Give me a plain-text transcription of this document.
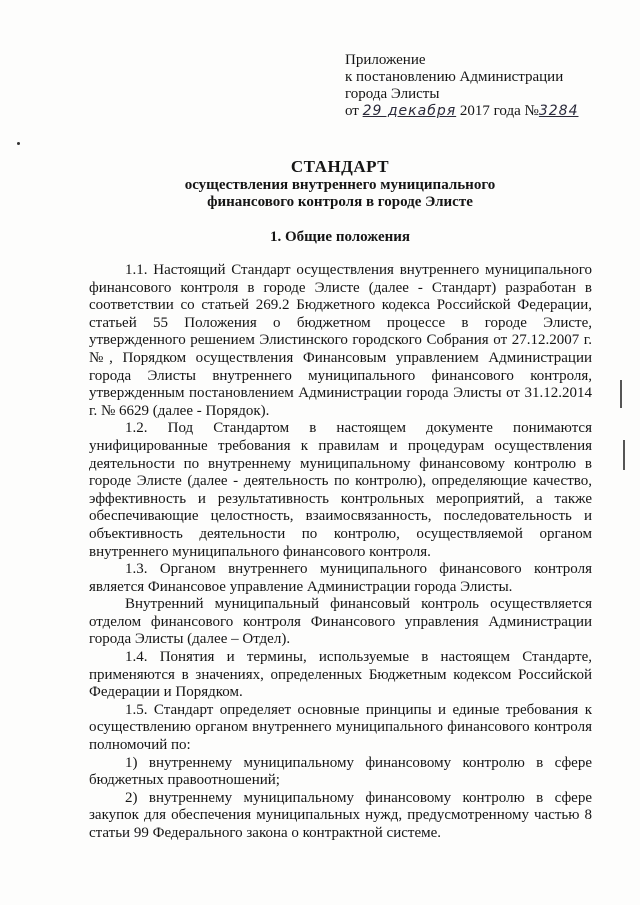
Приложение
к постановлению Администрации
города Элисты
от 29 декабря 2017 года №3284
СТАНДАРТ
осуществления внутреннего муниципального
финансового контроля в городе Элисте
1. Общие положения

1.1. Настоящий Стандарт осуществления внутреннего муниципального финансового контроля в городе Элисте (далее - Стандарт) разработан в соответствии со статьей 269.2 Бюджетного кодекса Российской Федерации, статьей 55 Положения о бюджетном процессе в городе Элисте, утвержденного решением Элистинского городского Собрания от 27.12.2007 г. №, Порядком осуществления Финансовым управлением Администрации города Элисты внутреннего муниципального финансового контроля, утвержденным постановлением Администрации города Элисты от 31.12.2014 г. № 6629 (далее - Порядок).

1.2. Под Стандартом в настоящем документе понимаются унифицированные требования к правилам и процедурам осуществления деятельности по внутреннему муниципальному финансовому контролю в городе Элисте (далее - деятельность по контролю), определяющие качество, эффективность и результативность контрольных мероприятий, а также обеспечивающие целостность, взаимосвязанность, последовательность и объективность деятельности по контролю, осуществляемой органом внутреннего муниципального финансового контроля.

1.3. Органом внутреннего муниципального финансового контроля является Финансовое управление Администрации города Элисты.

Внутренний муниципальный финансовый контроль осуществляется отделом финансового контроля Финансового управления Администрации города Элисты (далее – Отдел).

1.4. Понятия и термины, используемые в настоящем Стандарте, применяются в значениях, определенных Бюджетным кодексом Российской Федерации и Порядком.

1.5. Стандарт определяет основные принципы и единые требования к осуществлению органом внутреннего муниципального финансового контроля полномочий по:

1) внутреннему муниципальному финансовому контролю в сфере бюджетных правоотношений;

2) внутреннему муниципальному финансовому контролю в сфере закупок для обеспечения муниципальных нужд, предусмотренному частью 8 статьи 99 Федерального закона о контрактной системе.
